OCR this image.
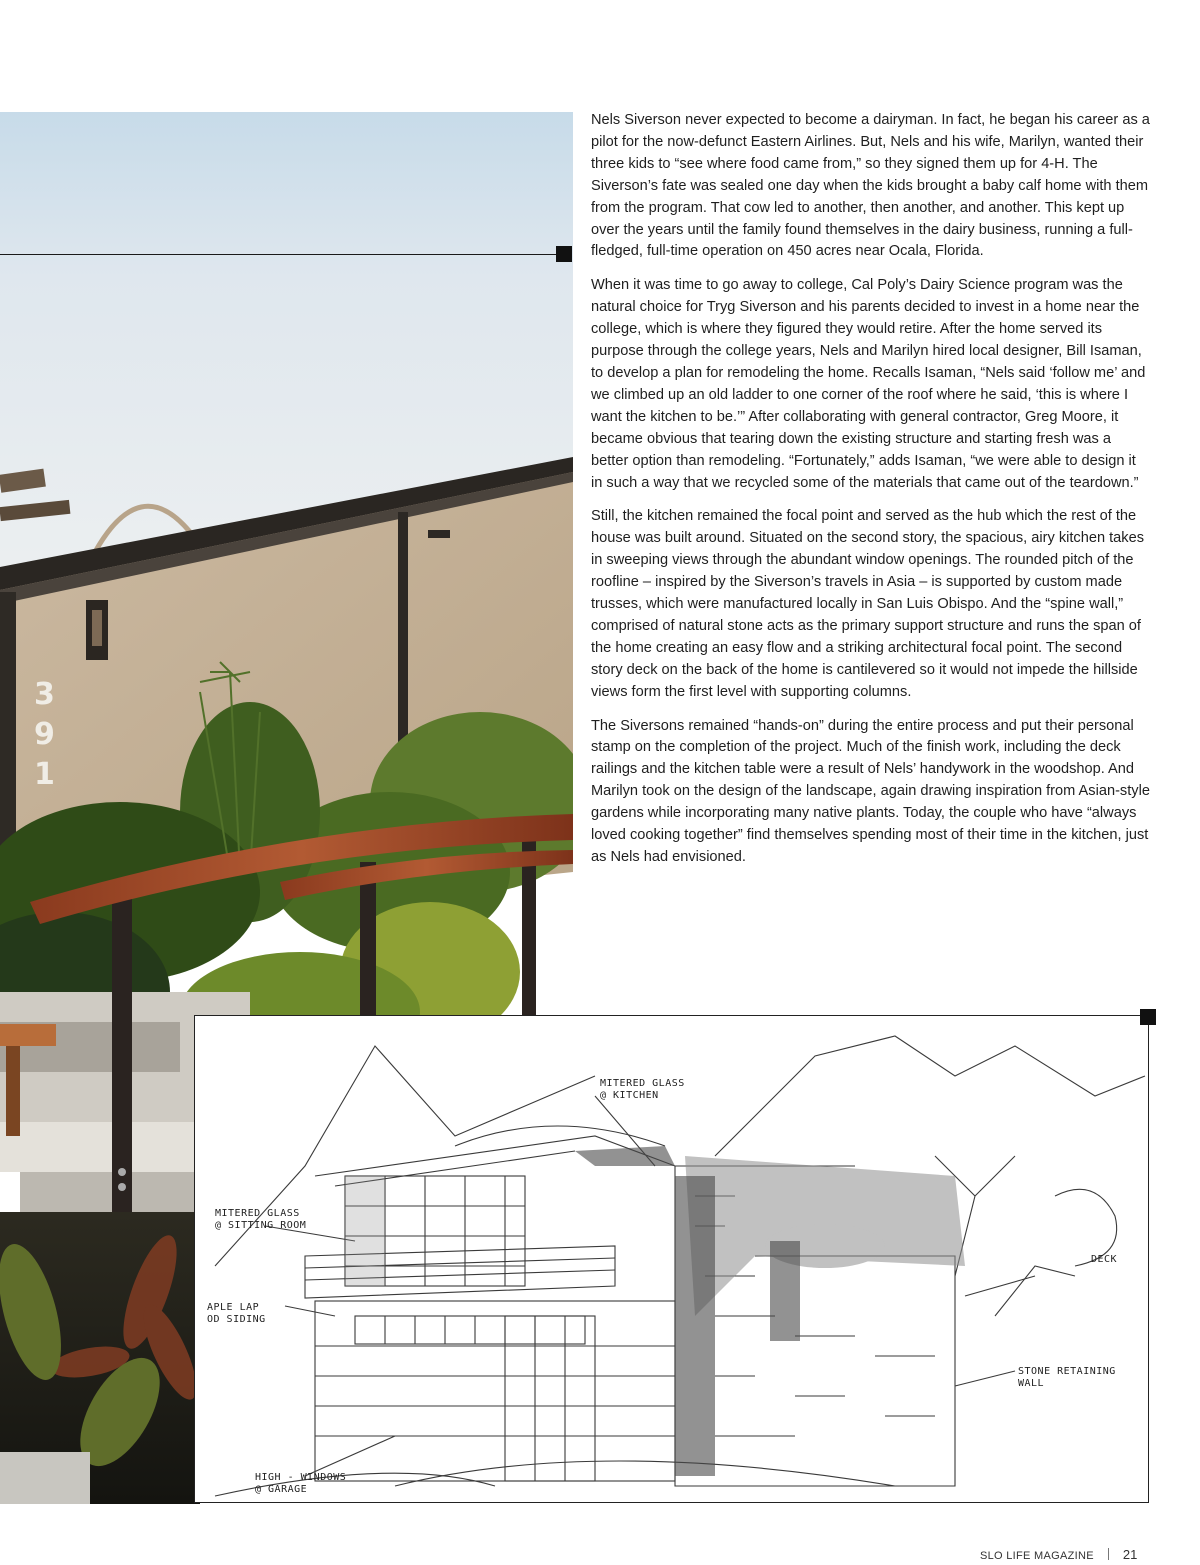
3
9
1

Nels Siverson never expected to become a dairyman. In fact, he began his career as a pilot for the now-defunct Eastern Airlines. But, Nels and his wife, Marilyn, wanted their three kids to “see where food came from,” so they signed them up for 4-H. The Siverson’s fate was sealed one day when the kids brought a baby calf home with them from the program. That cow led to another, then another, and another. This kept up over the years until the family found themselves in the dairy business, running a full-fledged, full-time operation on 450 acres near Ocala, Florida.

When it was time to go away to college, Cal Poly’s Dairy Science program was the natural choice for Tryg Siverson and his parents decided to invest in a home near the college, which is where they figured they would retire. After the home served its purpose through the college years, Nels and Marilyn hired local designer, Bill Isaman, to develop a plan for remodeling the home. Recalls Isaman, “Nels said ‘follow me’ and we climbed up an old ladder to one corner of the roof where he said, ‘this is where I want the kitchen to be.’” After collaborating with general contractor, Greg Moore, it became obvious that tearing down the existing structure and starting fresh was a better option than remodeling. “Fortunately,” adds Isaman, “we were able to design it in such a way that we recycled some of the materials that came out of the teardown.”

Still, the kitchen remained the focal point and served as the hub which the rest of the house was built around. Situated on the second story, the spacious, airy kitchen takes in sweeping views through the abundant window openings. The rounded pitch of the roofline – inspired by the Siverson’s travels in Asia – is supported by custom made trusses, which were manufactured locally in San Luis Obispo. And the “spine wall,” comprised of natural stone acts as the primary support structure and runs the span of the home creating an easy flow and a striking architectural focal point. The second story deck on the back of the home is cantilevered so it would not impede the hillside views form the first level with supporting columns.

The Siversons remained “hands-on” during the entire process and put their personal stamp on the completion of the project. Much of the finish work, including the deck railings and the kitchen table were a result of Nels’ handywork in the woodshop. And Marilyn took on the design of the landscape, again drawing inspiration from Asian-style gardens while incorporating many native plants. Today, the couple who have “always loved cooking together” find themselves spending most of their time in the kitchen, just as Nels had envisioned.

MITERED GLASS
@ KITCHEN
MITERED GLASS
@ SITTING ROOM
APLE LAP
OD SIDING
DECK
STONE RETAINING
WALL
HIGH - WINDOWS
@ GARAGE
SLO LIFE MAGAZINE 21
